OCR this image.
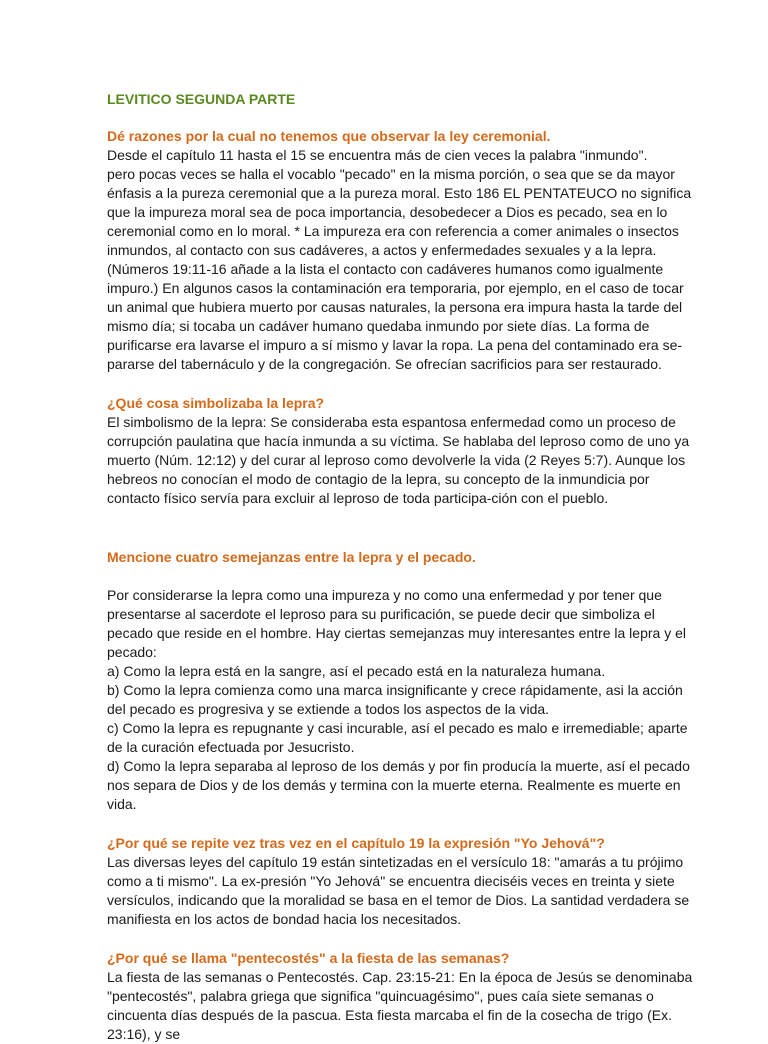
LEVITICO SEGUNDA PARTE
Dé razones por la cual no tenemos que observar la ley ceremonial.

Desde el capítulo 11 hasta el 15 se encuentra más de cien veces la palabra "inmundo".

pero pocas veces se halla el vocablo "pecado" en la misma porción, o sea que se da mayor énfasis a la pureza ceremonial que a la pureza moral. Esto 186 EL PENTATEUCO no significa que la impureza moral sea de poca importancia, desobedecer a Dios es pecado, sea en lo ceremonial como en lo moral. * La impureza era con referencia a comer animales o insectos inmundos, al contacto con sus cadáveres, a actos y enfermedades sexuales y a la lepra. (Números 19:11-16 añade a la lista el contacto con cadáveres humanos como igualmente impuro.) En algunos casos la contaminación era temporaria, por ejemplo, en el caso de tocar un animal que hubiera muerto por causas naturales, la persona era impura hasta la tarde del mismo día; si tocaba un cadáver humano quedaba inmundo por siete días. La forma de purificarse era lavarse el impuro a sí mismo y lavar la ropa. La pena del contaminado era se-pararse del tabernáculo y de la congregación. Se ofrecían sacrificios para ser restaurado.

¿Qué cosa simbolizaba la lepra?

El simbolismo de la lepra: Se consideraba esta espantosa enfermedad como un proceso de corrupción paulatina que hacía inmunda a su víctima. Se hablaba del leproso como de uno ya muerto (Núm. 12:12) y del curar al leproso como devolverle la vida (2 Reyes 5:7). Aunque los hebreos no conocían el modo de contagio de la lepra, su concepto de la inmundicia por contacto físico servía para excluir al leproso de toda participa-ción con el pueblo.

Mencione cuatro semejanzas entre la lepra y el pecado.

Por considerarse la lepra como una impureza y no como una enfermedad y por tener que presentarse al sacerdote el leproso para su purificación, se puede decir que simboliza el pecado que reside en el hombre. Hay ciertas semejanzas muy interesantes entre la lepra y el pecado:

a) Como la lepra está en la sangre, así el pecado está en la naturaleza humana.

b) Como la lepra comienza como una marca insignificante y crece rápidamente, asi la acción del pecado es progresiva y se extiende a todos los aspectos de la vida.

c) Como la lepra es repugnante y casi incurable, así el pecado es malo e irremediable; aparte de la curación efectuada por Jesucristo.

d) Como la lepra separaba al leproso de los demás y por fin producía la muerte, así el pecado nos separa de Dios y de los demás y termina con la muerte eterna. Realmente es muerte en vida.

¿Por qué se repite vez tras vez en el capítulo 19 la expresión "Yo Jehová"?

Las diversas leyes del capítulo 19 están sintetizadas en el versículo 18: "amarás a tu prójimo como a ti mismo". La ex-presión "Yo Jehová" se encuentra dieciséis veces en treinta y siete versículos, indicando que la moralidad se basa en el temor de Dios. La santidad verdadera se manifiesta en los actos de bondad hacia los necesitados.

¿Por qué se llama "pentecostés" a la fiesta de las semanas?

La fiesta de las semanas o Pentecostés. Cap. 23:15-21: En la época de Jesús se denominaba "pentecostés", palabra griega que significa "quincuagésimo", pues caía siete semanas o cincuenta días después de la pascua. Esta fiesta marcaba el fin de la cosecha de trigo (Ex. 23:16), y se
